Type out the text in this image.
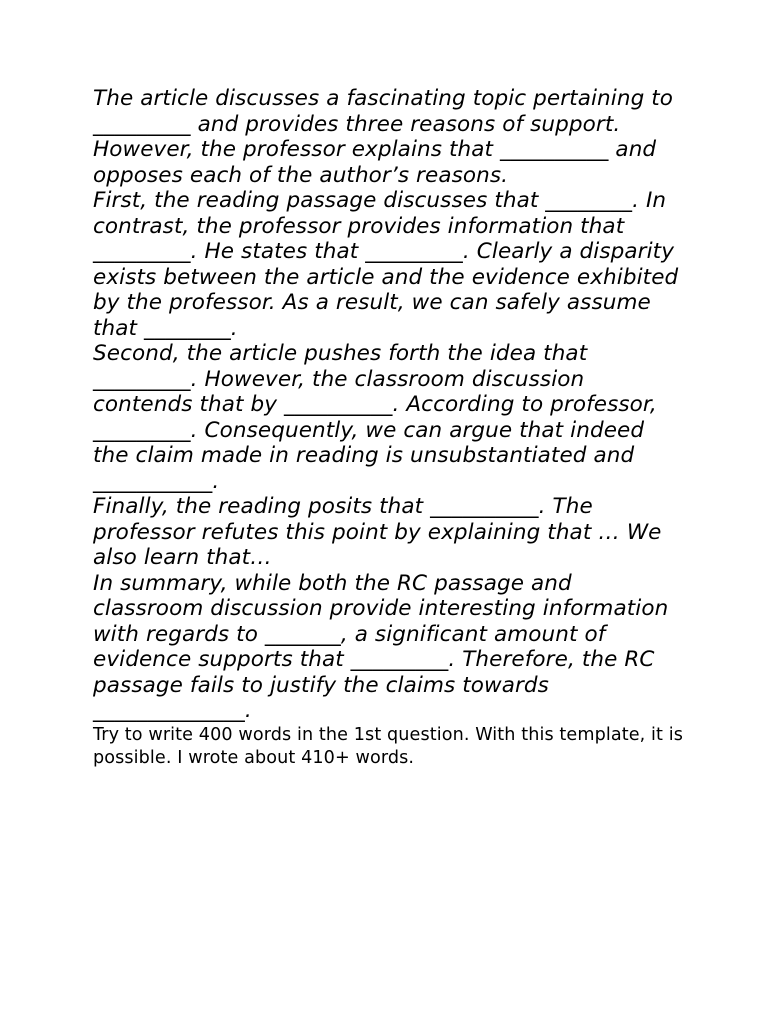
The article discusses a fascinating topic pertaining to _________ and provides three reasons of support. However, the professor explains that __________ and opposes each of the author’s reasons.

First, the reading passage discusses that ________. In contrast, the professor provides information that _________. He states that _________. Clearly a disparity exists between the article and the evidence exhibited by the professor. As a result, we can safely assume that ________.

Second, the article pushes forth the idea that _________. However, the classroom discussion contends that by __________. According to professor, _________. Consequently, we can argue that indeed the claim made in reading is unsubstantiated and ___________.

Finally, the reading posits that __________. The professor refutes this point by explaining that … We also learn that…

In summary, while both the RC passage and classroom discussion provide interesting information with regards to _______, a significant amount of evidence supports that _________. Therefore, the RC passage fails to justify the claims towards ______________.

Try to write 400 words in the 1st question. With this template, it is possible. I wrote about 410+ words.
